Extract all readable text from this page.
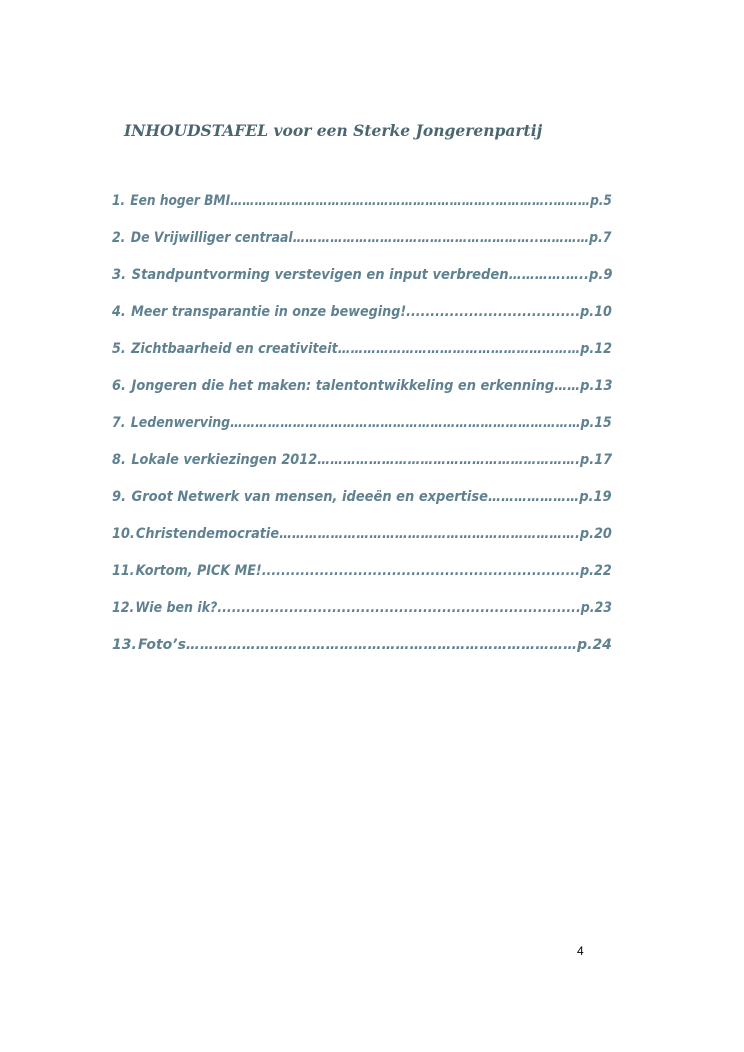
INHOUDSTAFEL voor een Sterke Jongerenpartij
1. Een hoger BMI………………………………………………………..…………..………p.5
2. De Vrijwilliger centraal…………………………………………………..…………p.7
3. Standpuntvorming verstevigen en input verbreden………….…..p.9
4. Meer transparantie in onze beweging!....................................p.10
5. Zichtbaarheid en creativiteit…………………………………………………p.12
6. Jongeren die het maken: talentontwikkeling en erkenning……p.13
7. Ledenwerving…………………………………………………………………………p.15
8. Lokale verkiezingen 2012…………………………………………………….p.17
9. Groot Netwerk van mensen, ideeën en expertise…………………p.19
10.Christendemocratie…………………………………………………………….p.20
11.Kortom, PICK ME!..................................................................p.22
12.Wie ben ik?............................................................................p.23
13.Foto’s…………………………………………………………………………p.24
4
